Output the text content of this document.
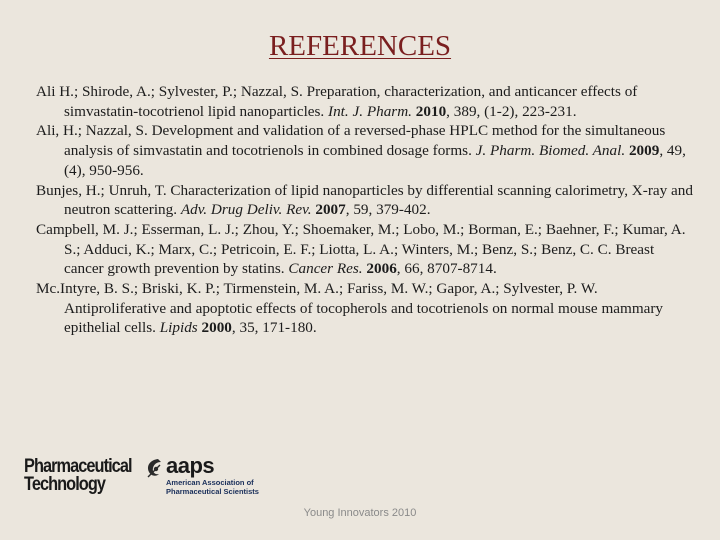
REFERENCES

Ali H.; Shirode, A.; Sylvester, P.; Nazzal, S. Preparation, characterization, and anticancer effects of simvastatin-tocotrienol lipid nanoparticles. Int. J. Pharm. 2010, 389, (1-2), 223-231.

Ali, H.; Nazzal, S. Development and validation of a reversed-phase HPLC method for the simultaneous analysis of simvastatin and tocotrienols in combined dosage forms. J. Pharm. Biomed. Anal. 2009, 49, (4), 950-956.

Bunjes, H.; Unruh, T. Characterization of lipid nanoparticles by differential scanning calorimetry, X-ray and neutron scattering. Adv. Drug Deliv. Rev. 2007, 59, 379-402.

Campbell, M. J.; Esserman, L. J.; Zhou, Y.; Shoemaker, M.; Lobo, M.; Borman, E.; Baehner, F.; Kumar, A. S.; Adduci, K.; Marx, C.; Petricoin, E. F.; Liotta, L. A.; Winters, M.; Benz, S.; Benz, C. C. Breast cancer growth prevention by statins. Cancer Res. 2006, 66, 8707-8714.

Mc.Intyre, B. S.; Briski, K. P.; Tirmenstein, M. A.; Fariss, M. W.; Gapor, A.; Sylvester, P. W. Antiproliferative and apoptotic effects of tocopherols and tocotrienols on normal mouse mammary epithelial cells. Lipids 2000, 35, 171-180.

Pharmaceutical
Technology
aaps
American Association of
Pharmaceutical Scientists
Young Innovators 2010
